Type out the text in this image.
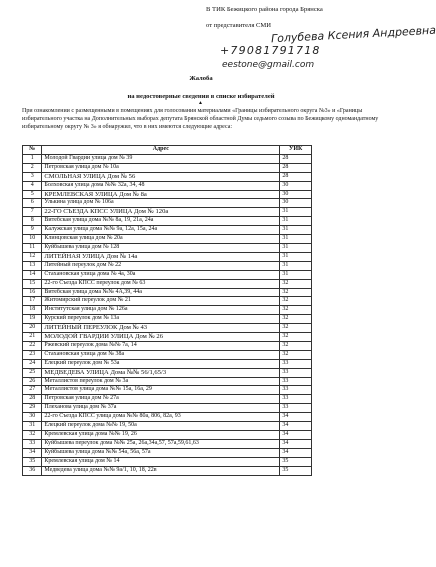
В ТИК Бежицкого района города Брянска
от представителя СМИ Голубева Ксения Андреевна
+79081791718
eestone@gmail.com
Жалоба
на недостоверные сведения в списке избирателей
▲
При ознакомлении с размещенными в помещениях для голосования материалами «Границы избирательного округа №3» и «Границы избирательного участка на Дополнительных выборах депутата Брянской областной Думы седьмого созыва по Бежицкому одномандатному избирательному округу № 3» я обнаружил, что в них имеются следующие адреса:
№	Адрес	УИК
1	Молодой Гвардии улица дом № 39	28
2	Петровская улица дом № 10а	28
3	СМОЛЬНАЯ УЛИЦА Дом № 56	28
4	Болховская улица дома №№ 32а, 34, 48	30
5	КРЕМЛЕВСКАЯ УЛИЦА Дом № 8а	30
6	Улькина улица дом № 106а	30
7	22-ГО СЪЕЗДА КПСС УЛИЦА Дом № 120а	31
8	Витебская улица дома №№ 8а, 19, 21а, 24а	31
9	Калужская улица дома №№ 9а, 12а, 15а, 24а	31
10	Клинцовская улица дом № 20а	31
11	Куйбышева улица дом № 128	31
12	ЛИТЕЙНАЯ УЛИЦА Дом № 14а	31
13	Литейный переулок дом № 22	31
14	Стахановская улица дома № 4а, 30а	31
15	22-го Съезда КПСС переулок дом № 63	32
16	Витебская улица дома №№ 4А,39, 44а	32
17	Житомирский переулок дом № 21	32
18	Институтская улица дом № 126а	32
19	Курский переулок дом № 13а	32
20	ЛИТЕЙНЫЙ ПЕРЕУЛОК Дом № 43	32
21	МОЛОДОЙ ГВАРДИИ УЛИЦА Дом № 26	32
22	Ржевский переулок дома №№ 7а, 14	32
23	Стахановская улица дом № 38а	32
24	Елецкий переулок дом № 53а	33
25	МЕДВЕДЕВА УЛИЦА Дома №№ 56/1,65/3	33
26	Металлистов переулок дом № 3а	33
27	Металлистов улица дома №№ 15а, 16а, 29	33
28	Петровская улица дом № 27а	33
29	Плеханова улица дом № 37а	33
30	22-го Съезда КПСС улица дома №№ 80а, 806, 82а, 93	34
31	Елецкий переулок дома №№ 19, 50а	34
32	Кремлевская улица дома №№ 19, 26	34
33	Куйбышева переулок дома №№ 25а, 26а,34а,57, 57а,59,61,63	34
34	Куйбышева улица дома №№ 54а, 56а, 57а	34
35	Кремлевская улица дом № 14	35
36	Медведева улица дома №№ 9а/1, 10, 18, 22в	35
